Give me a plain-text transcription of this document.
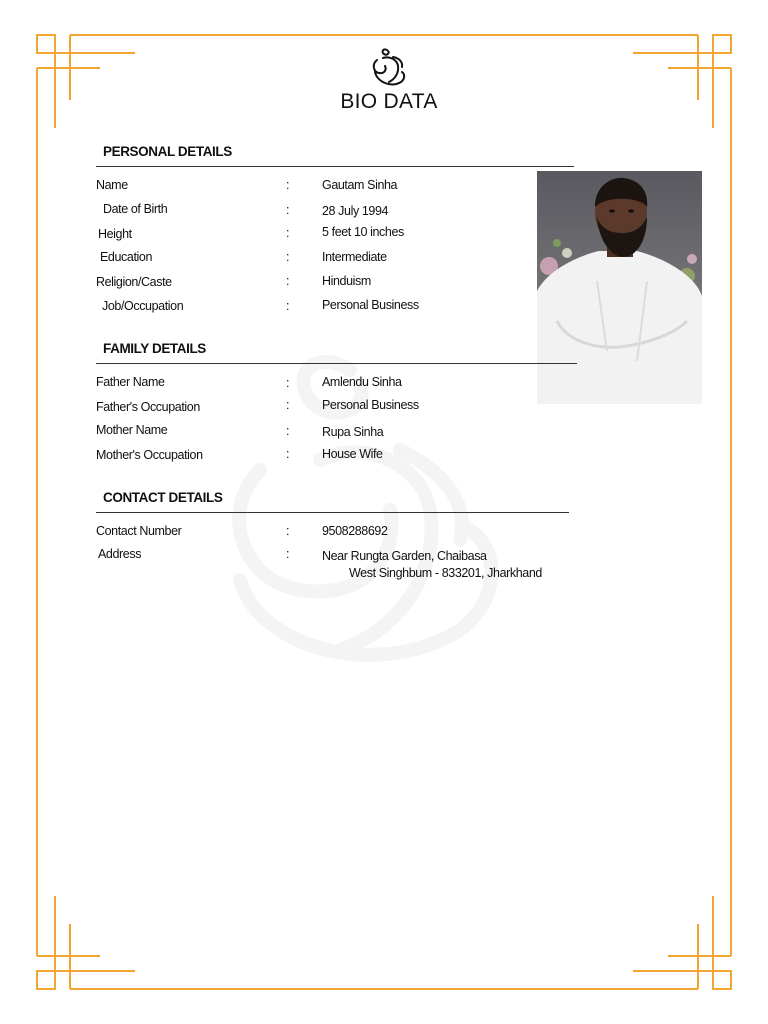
BIO DATA
PERSONAL DETAILS
Name	:	Gautam Sinha
Date of Birth	:	28 July 1994
Height	:	5 feet 10 inches
Education	:	Intermediate
Religion/Caste	:	Hinduism
Job/Occupation	:	Personal Business
FAMILY DETAILS
Father Name	:	Amlendu Sinha
Father's Occupation	:	Personal Business
Mother Name	:	Rupa Sinha
Mother's Occupation	:	House Wife
CONTACT DETAILS
Contact Number	:	9508288692
Address	:	Near Rungta Garden, Chaibasa
West Singhbum - 833201, Jharkhand
